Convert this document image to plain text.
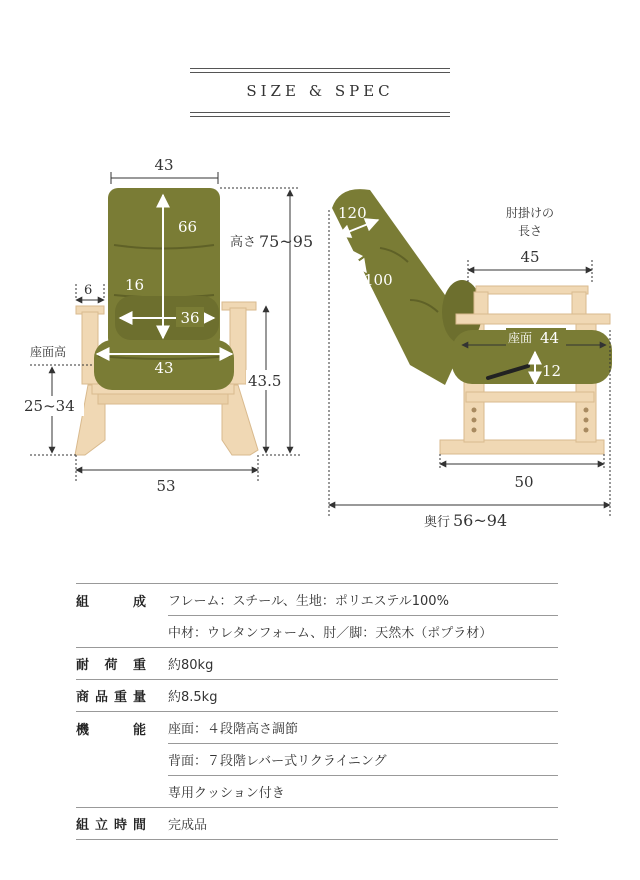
SIZE & SPEC
43
66
16
36
43
6
高さ 75~95
43.5
座面高
25~34
53
120
100
肘掛けの
長さ
45
座面 44
12
50
奥行 56~94
組　成	フレーム：スチール、生地：ポリエステル100%
	中材：ウレタンフォーム、肘／脚：天然木（ポプラ材）
耐荷重	約80kg
商品重量	約8.5kg
機　能	座面：４段階高さ調節
	背面：７段階レバー式リクライニング
	専用クッション付き
組立時間	完成品
